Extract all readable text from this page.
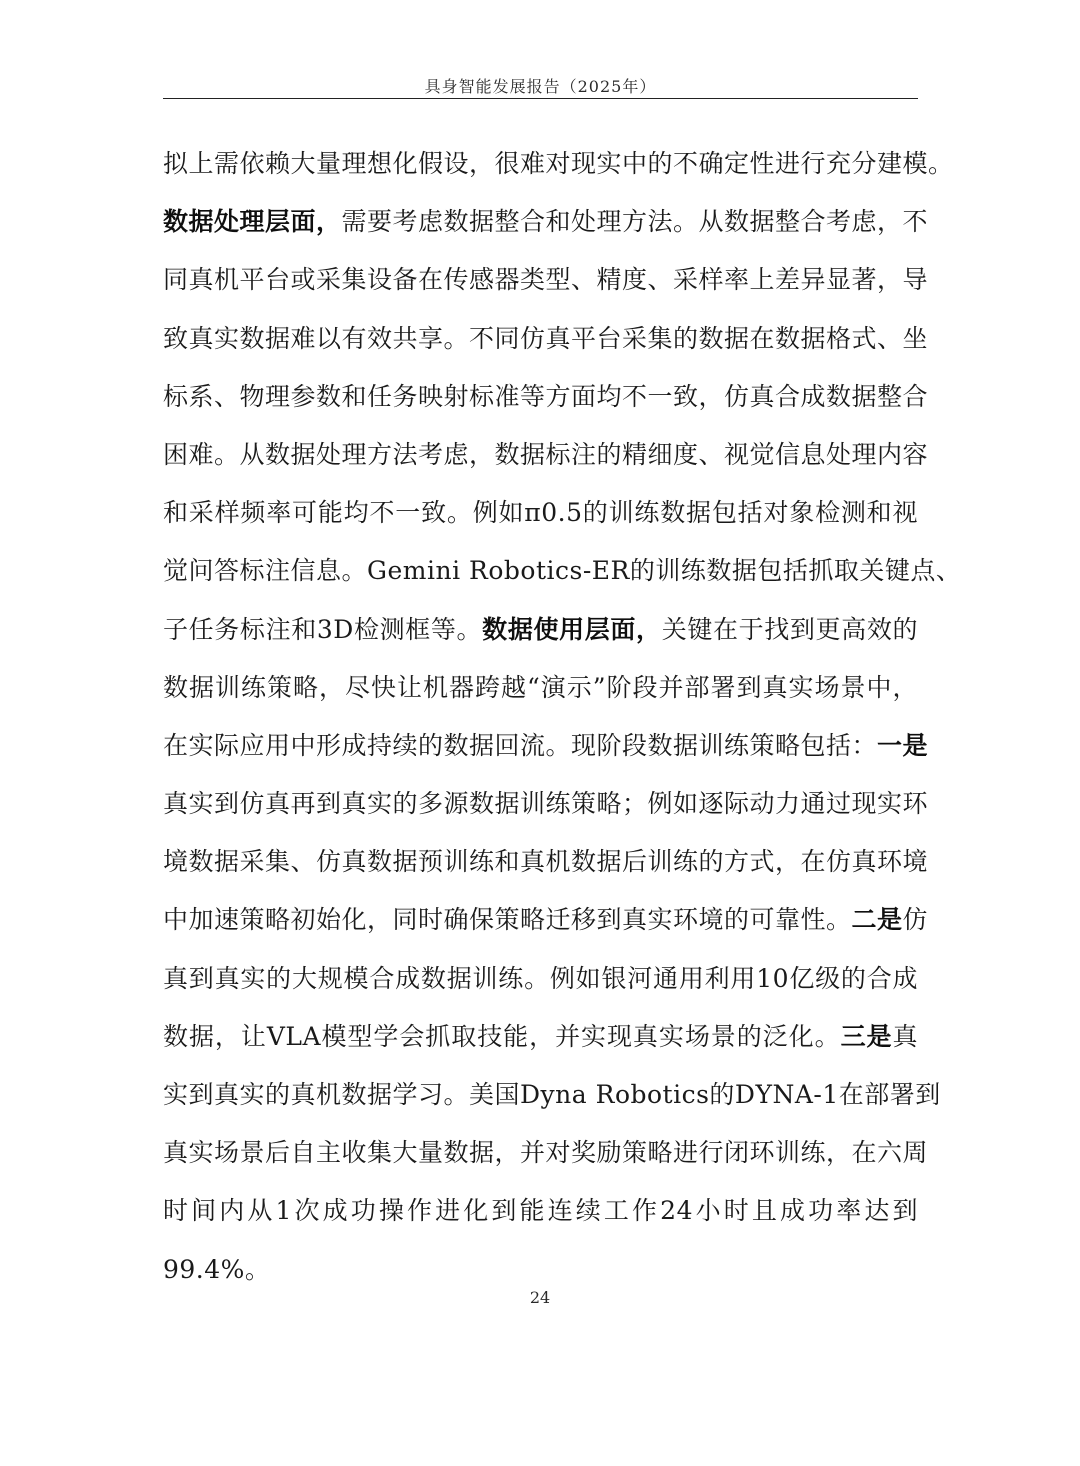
具身智能发展报告（2025年）
拟上需依赖大量理想化假设，很难对现实中的不确定性进行充分建模。
数据处理层面，需要考虑数据整合和处理方法。从数据整合考虑，不
同真机平台或采集设备在传感器类型、精度、采样率上差异显著，导
致真实数据难以有效共享。不同仿真平台采集的数据在数据格式、坐
标系、物理参数和任务映射标准等方面均不一致，仿真合成数据整合
困难。从数据处理方法考虑，数据标注的精细度、视觉信息处理内容
和采样频率可能均不一致。例如π0.5的训练数据包括对象检测和视
觉问答标注信息。Gemini Robotics-ER的训练数据包括抓取关键点、
子任务标注和3D检测框等。数据使用层面，关键在于找到更高效的
数据训练策略，尽快让机器跨越“演示”阶段并部署到真实场景中，
在实际应用中形成持续的数据回流。现阶段数据训练策略包括：一是
真实到仿真再到真实的多源数据训练策略；例如逐际动力通过现实环
境数据采集、仿真数据预训练和真机数据后训练的方式，在仿真环境
中加速策略初始化，同时确保策略迁移到真实环境的可靠性。二是仿
真到真实的大规模合成数据训练。例如银河通用利用10亿级的合成
数据，让VLA模型学会抓取技能，并实现真实场景的泛化。三是真
实到真实的真机数据学习。美国Dyna Robotics的DYNA-1在部署到
真实场景后自主收集大量数据，并对奖励策略进行闭环训练，在六周
时间内从1次成功操作进化到能连续工作24小时且成功率达到
99.4%。
24
